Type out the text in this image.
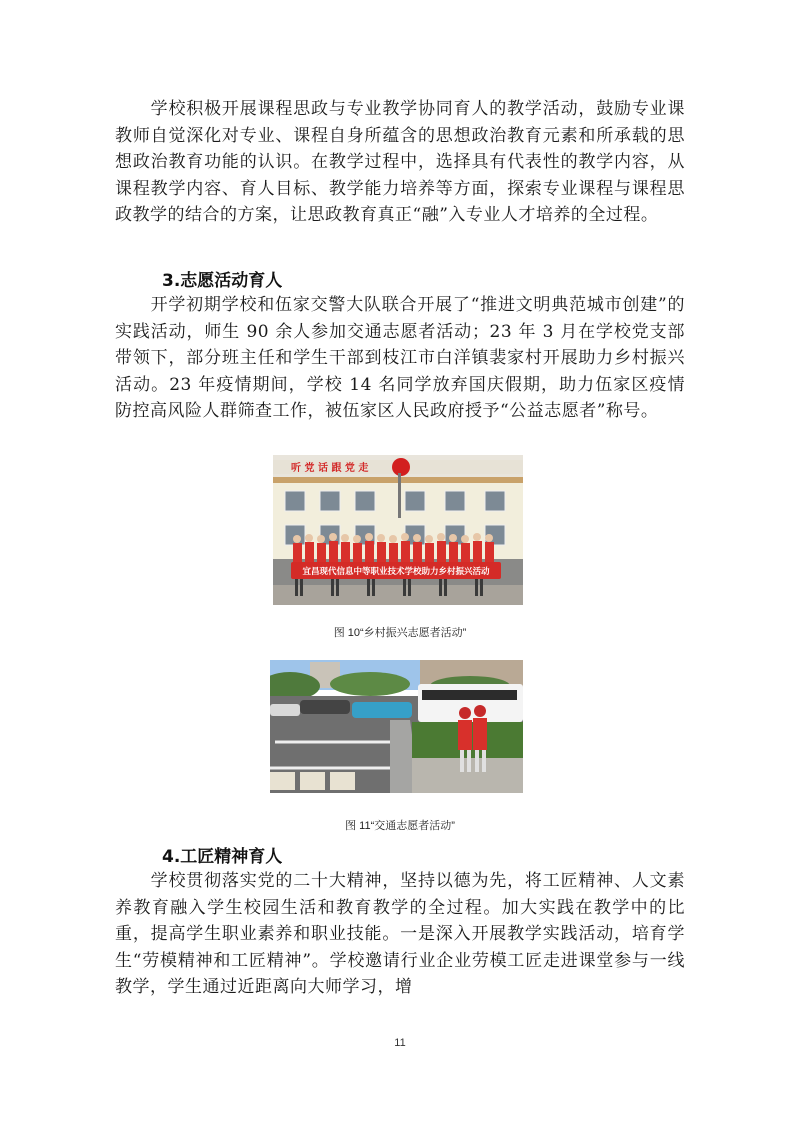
　　学校积极开展课程思政与专业教学协同育人的教学活动，鼓励专业课教师自觉深化对专业、课程自身所蕴含的思想政治教育元素和所承载的思想政治教育功能的认识。在教学过程中，选择具有代表性的教学内容，从课程教学内容、育人目标、教学能力培养等方面，探索专业课程与课程思政教学的结合的方案，让思政教育真正“融”入专业人才培养的全过程。

3.志愿活动育人

　　开学初期学校和伍家交警大队联合开展了“推进文明典范城市创建”的实践活动，师生 90 余人参加交通志愿者活动；23 年 3 月在学校党支部带领下，部分班主任和学生干部到枝江市白洋镇裴家村开展助力乡村振兴活动。23 年疫情期间，学校 14 名同学放弃国庆假期，助力伍家区疫情防控高风险人群筛查工作，被伍家区人民政府授予“公益志愿者”称号。

听 党 话 跟 党 走
宜昌现代信息中等职业技术学校助力乡村振兴活动
图 10“乡村振兴志愿者活动”
图 11“交通志愿者活动”

4.工匠精神育人

　　学校贯彻落实党的二十大精神，坚持以德为先，将工匠精神、人文素养教育融入学生校园生活和教育教学的全过程。加大实践在教学中的比重，提高学生职业素养和职业技能。一是深入开展教学实践活动，培育学生“劳模精神和工匠精神”。学校邀请行业企业劳模工匠走进课堂参与一线教学，学生通过近距离向大师学习，增

11
